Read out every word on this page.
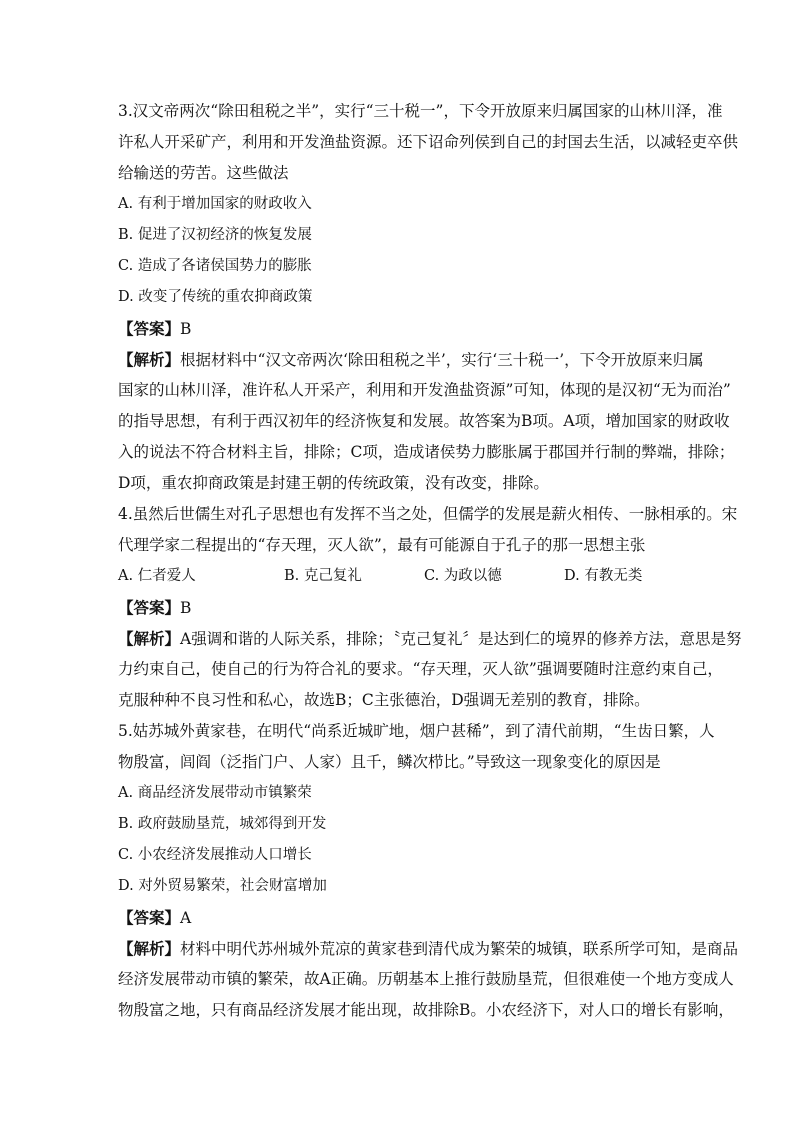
3.汉文帝两次“除田租税之半”，实行“三十税一”，下令开放原来归属国家的山林川泽，准
许私人开采矿产，利用和开发渔盐资源。还下诏命列侯到自己的封国去生活，以减轻吏卒供
给输送的劳苦。这些做法
A. 有利于增加国家的财政收入
B. 促进了汉初经济的恢复发展
C. 造成了各诸侯国势力的膨胀
D. 改变了传统的重农抑商政策
【答案】B
【解析】根据材料中“汉文帝两次‘除田租税之半’，实行‘三十税一’，下令开放原来归属
国家的山林川泽，准许私人开采产，利用和开发渔盐资源”可知，体现的是汉初“无为而治”
的指导思想，有利于西汉初年的经济恢复和发展。故答案为B项。A项，增加国家的财政收
入的说法不符合材料主旨，排除；C项，造成诸侯势力膨胀属于郡国并行制的弊端，排除；
D项，重农抑商政策是封建王朝的传统政策，没有改变，排除。
4.虽然后世儒生对孔子思想也有发挥不当之处，但儒学的发展是薪火相传、一脉相承的。宋
代理学家二程提出的“存天理，灭人欲”，最有可能源自于孔子的那一思想主张
A. 仁者爱人	B. 克己复礼	C. 为政以德	D. 有教无类
【答案】B
【解析】A强调和谐的人际关系，排除；〝克己复礼〞是达到仁的境界的修养方法，意思是努
力约束自己，使自己的行为符合礼的要求。“存天理，灭人欲”强调要随时注意约束自己，
克服种种不良习性和私心，故选B；C主张德治，D强调无差别的教育，排除。
5.姑苏城外黄家巷，在明代“尚系近城旷地，烟户甚稀”，到了清代前期，“生齿日繁，人
物殷富，闾阎（泛指门户、人家）且千，鳞次栉比。”导致这一现象变化的原因是
A. 商品经济发展带动市镇繁荣
B. 政府鼓励垦荒，城郊得到开发
C. 小农经济发展推动人口增长
D. 对外贸易繁荣，社会财富增加
【答案】A
【解析】材料中明代苏州城外荒凉的黄家巷到清代成为繁荣的城镇，联系所学可知，是商品
经济发展带动市镇的繁荣，故A正确。历朝基本上推行鼓励垦荒，但很难使一个地方变成人
物殷富之地，只有商品经济发展才能出现，故排除B。小农经济下，对人口的增长有影响，
